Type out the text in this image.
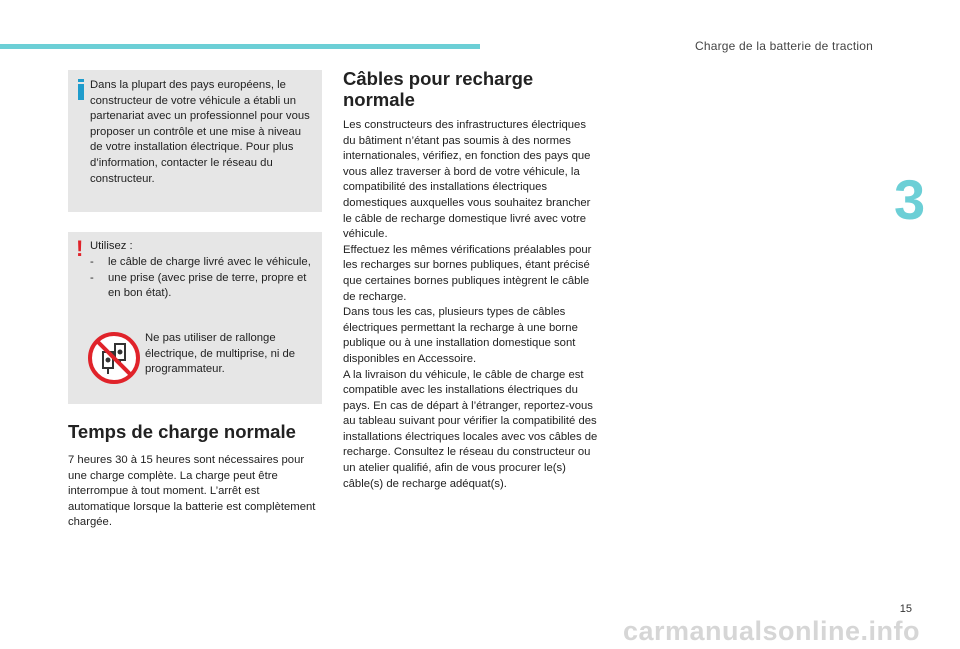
Charge de la batterie de traction
3
Dans la plupart des pays européens, le constructeur de votre véhicule a établi un partenariat avec un professionnel pour vous proposer un contrôle et une mise à niveau de votre installation électrique. Pour plus d’information, contacter le réseau du constructeur.
! Utilisez :
- le câble de charge livré avec le véhicule,
- une prise (avec prise de terre, propre et en bon état).
Ne pas utiliser de rallonge électrique, de multiprise, ni de programmateur.
Temps de charge normale
7 heures 30 à 15 heures sont nécessaires pour une charge complète. La charge peut être interrompue à tout moment. L’arrêt est automatique lorsque la batterie est complètement chargée.
Câbles pour recharge normale
Les constructeurs des infrastructures électriques du bâtiment n’étant pas soumis à des normes internationales, vérifiez, en fonction des pays que vous allez traverser à bord de votre véhicule, la compatibilité des installations électriques domestiques auxquelles vous souhaitez brancher le câble de recharge domestique livré avec votre véhicule.
Effectuez les mêmes vérifications préalables pour les recharges sur bornes publiques, étant précisé que certaines bornes publiques intègrent le câble de recharge.
Dans tous les cas, plusieurs types de câbles électriques permettant la recharge à une borne publique ou à une installation domestique sont disponibles en Accessoire.
A la livraison du véhicule, le câble de charge est compatible avec les installations électriques du pays. En cas de départ à l’étranger, reportez-vous au tableau suivant pour vérifier la compatibilité des installations électriques locales avec vos câbles de recharge. Consultez le réseau du constructeur ou un atelier qualifié, afin de vous procurer le(s) câble(s) de recharge adéquat(s).
15
carmanualsonline.info
